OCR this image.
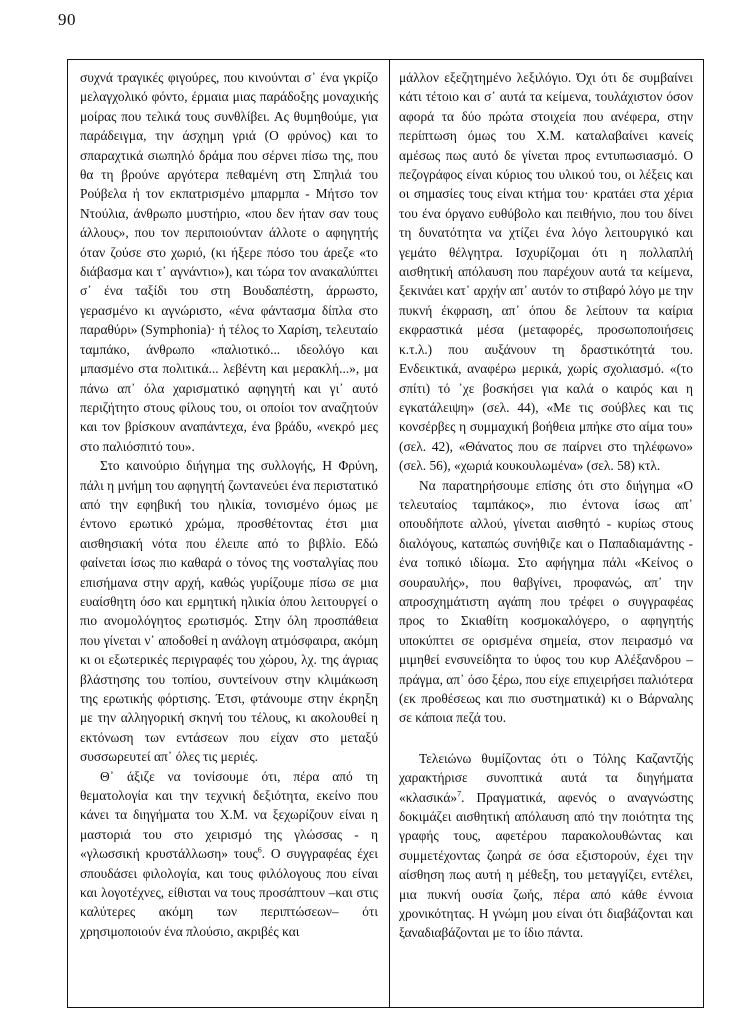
90

συχνά τραγικές φιγούρες, που κινούνται σ᾽ ένα γκρίζο μελαγχολικό φόντο, έρμαια μιας παράδοξης μοναχικής μοίρας που τελικά τους συνθλίβει. Ας θυμηθούμε, για παράδειγμα, την άσχημη γριά (Ο φρύνος) και το σπαραχτικά σιωπηλό δράμα που σέρνει πίσω της, που θα τη βρούνε αργότερα πεθαμένη στη Σπηλιά του Ρούβελα ή τον εκπατρισμένο μπαρμπα - Μήτσο τον Ντούλια, άνθρωπο μυστήριο, «που δεν ήταν σαν τους άλλους», που τον περιποιούνταν άλλοτε ο αφηγητής όταν ζούσε στο χωριό, (κι ήξερε πόσο του άρεζε «το διάβασμα και τ᾽ αγνάντιο»), και τώρα τον ανακαλύπτει σ᾽ ένα ταξίδι του στη Βουδαπέστη, άρρωστο, γερασμένο κι αγνώριστο, «ένα φάντασμα δίπλα στο παραθύρι» (Symphonia)· ή τέλος το Χαρίση, τελευταίο ταμπάκο, άνθρωπο «παλιοτικό... ιδεολόγο και μπασμένο στα πολιτικά... λεβέντη και μερακλή...», μα πάνω απ᾽ όλα χαρισματικό αφηγητή και γι᾽ αυτό περιζήτητο στους φίλους του, οι οποίοι τον αναζητούν και τον βρίσκουν αναπάντεχα, ένα βράδυ, «νεκρό μες στο παλιόσπιτό του».

Στο καινούριο διήγημα της συλλογής, Η Φρύνη, πάλι η μνήμη του αφηγητή ζωντανεύει ένα περιστατικό από την εφηβική του ηλικία, τονισμένο όμως με έντονο ερωτικό χρώμα, προσθέτοντας έτσι μια αισθησιακή νότα που έλειπε από το βιβλίο. Εδώ φαίνεται ίσως πιο καθαρά ο τόνος της νοσταλγίας που επισήμανα στην αρχή, καθώς γυρίζουμε πίσω σε μια ευαίσθητη όσο και ερμητική ηλικία όπου λειτουργεί ο πιο ανομολόγητος ερωτισμός. Στην όλη προσπάθεια που γίνεται ν᾽ αποδοθεί η ανάλογη ατμόσφαιρα, ακόμη κι οι εξωτερικές περιγραφές του χώρου, λχ. της άγριας βλάστησης του τοπίου, συντείνουν στην κλιμάκωση της ερωτικής φόρτισης. Έτσι, φτάνουμε στην έκρηξη με την αλληγορική σκηνή του τέλους, κι ακολουθεί η εκτόνωση των εντάσεων που είχαν στο μεταξύ συσσωρευτεί απ᾽ όλες τις μεριές.

Θ᾽ άξιζε να τονίσουμε ότι, πέρα από τη θεματολογία και την τεχνική δεξιότητα, εκείνο που κάνει τα διηγήματα του Χ.Μ. να ξεχωρίζουν είναι η μαστοριά του στο χειρισμό της γλώσσας - η «γλωσσική κρυστάλλωση» τους$^6$. Ο συγγραφέας έχει σπουδάσει φιλολογία, και τους φιλόλογους που είναι και λογοτέχνες, είθισται να τους προσάπτουν –και στις καλύτερες ακόμη των περιπτώσεων– ότι χρησιμοποιούν ένα πλούσιο, ακριβές και

μάλλον εξεζητημένο λεξιλόγιο. Όχι ότι δε συμβαίνει κάτι τέτοιο και σ᾽ αυτά τα κείμενα, τουλάχιστον όσον αφορά τα δύο πρώτα στοιχεία που ανέφερα, στην περίπτωση όμως του Χ.Μ. καταλαβαίνει κανείς αμέσως πως αυτό δε γίνεται προς εντυπωσιασμό. Ο πεζογράφος είναι κύριος του υλικού του, οι λέξεις και οι σημασίες τους είναι κτήμα του· κρατάει στα χέρια του ένα όργανο ευθύβολο και πειθήνιο, που του δίνει τη δυνατότητα να χτίζει ένα λόγο λειτουργικό και γεμάτο θέλγητρα. Ισχυρίζομαι ότι η πολλαπλή αισθητική απόλαυση που παρέχουν αυτά τα κείμενα, ξεκινάει κατ᾽ αρχήν απ᾽ αυτόν το στιβαρό λόγο με την πυκνή έκφραση, απ᾽ όπου δε λείπουν τα καίρια εκφραστικά μέσα (μεταφορές, προσωποποιήσεις κ.τ.λ.) που αυξάνουν τη δραστικότητά του. Ενδεικτικά, αναφέρω μερικά, χωρίς σχολιασμό. «(το σπίτι) τό ᾽χε βοσκήσει για καλά ο καιρός και η εγκατάλειψη» (σελ. 44), «Με τις σούβλες και τις κονσέρβες η συμμαχική βοήθεια μπήκε στο αίμα του» (σελ. 42), «Θάνατος που σε παίρνει στο τηλέφωνο» (σελ. 56), «χωριά κουκουλωμένα» (σελ. 58) κτλ.

Να παρατηρήσουμε επίσης ότι στο διήγημα «Ο τελευταίος ταμπάκος», πιο έντονα ίσως απ᾽ οπουδήποτε αλλού, γίνεται αισθητό - κυρίως στους διαλόγους, καταπώς συνήθιζε και ο Παπαδιαμάντης - ένα τοπικό ιδίωμα. Στο αφήγημα πάλι «Κείνος ο σουραυλής», που θαβγίνει, προφανώς, απ᾽ την απροσχημάτιστη αγάπη που τρέφει ο συγγραφέας προς το Σκιαθίτη κοσμοκαλόγερο, ο αφηγητής υποκύπτει σε ορισμένα σημεία, στον πειρασμό να μιμηθεί ενσυνείδητα το ύφος του κυρ Αλέξανδρου –πράγμα, απ᾽ όσο ξέρω, που είχε επιχειρήσει παλιότερα (εκ προθέσεως και πιο συστηματικά) κι ο Βάρναλης σε κάποια πεζά του.

Τελειώνω θυμίζοντας ότι ο Τόλης Καζαντζής χαρακτήρισε συνοπτικά αυτά τα διηγήματα «κλασικά»$^7$. Πραγματικά, αφενός ο αναγνώστης δοκιμάζει αισθητική απόλαυση από την ποιότητα της γραφής τους, αφετέρου παρακολουθώντας και συμμετέχοντας ζωηρά σε όσα εξιστορούν, έχει την αίσθηση πως αυτή η μέθεξη, του μεταγγίζει, εντέλει, μια πυκνή ουσία ζωής, πέρα από κάθε έννοια χρονικότητας. Η γνώμη μου είναι ότι διαβάζονται και ξαναδιαβάζονται με το ίδιο πάντα.
